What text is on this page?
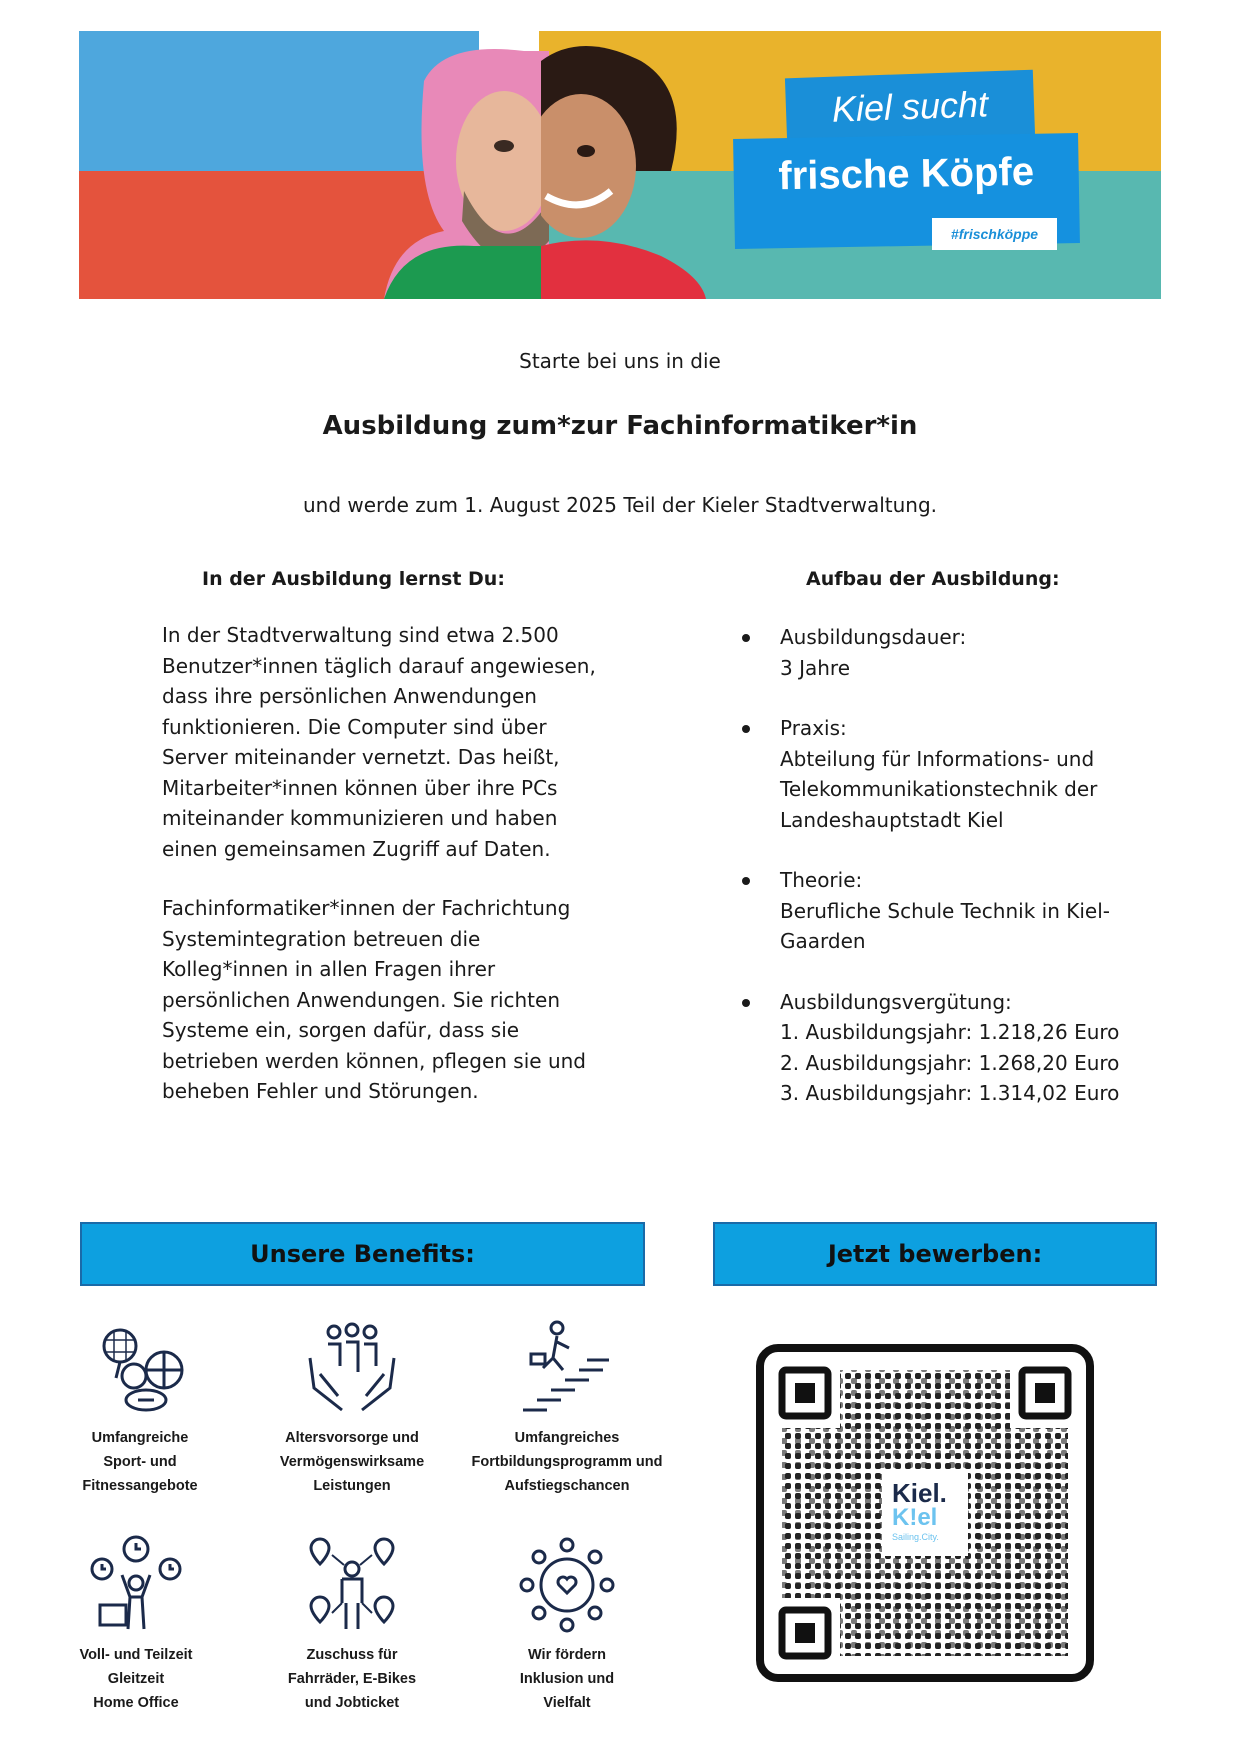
Kiel sucht
frische Köpfe
#frischköppe
Starte bei uns in die
Ausbildung zum*zur Fachinformatiker*in
und werde zum 1. August 2025 Teil der Kieler Stadtverwaltung.
In der Ausbildung lernst Du:
In der Stadtverwaltung sind etwa 2.500
Benutzer*innen täglich darauf angewiesen,
dass ihre persönlichen Anwendungen
funktionieren. Die Computer sind über
Server miteinander vernetzt. Das heißt,
Mitarbeiter*innen können über ihre PCs
miteinander kommunizieren und haben
einen gemeinsamen Zugriff auf Daten.
Fachinformatiker*innen der Fachrichtung
Systemintegration betreuen die
Kolleg*innen in allen Fragen ihrer
persönlichen Anwendungen. Sie richten
Systeme ein, sorgen dafür, dass sie
betrieben werden können, pflegen sie und
beheben Fehler und Störungen.
Aufbau der Ausbildung:
Ausbildungsdauer:
3 Jahre
Praxis:
Abteilung für Informations- und
Telekommunikationstechnik der
Landeshauptstadt Kiel
Theorie:
Berufliche Schule Technik in Kiel-
Gaarden
Ausbildungsvergütung:
1. Ausbildungsjahr: 1.218,26 Euro
2. Ausbildungsjahr: 1.268,20 Euro
3. Ausbildungsjahr: 1.314,02 Euro
Unsere Benefits:	Jetzt bewerben:
Umfangreiche
Sport- und
Fitnessangebote
Altersvorsorge und
Vermögenswirksame
Leistungen
Umfangreiches
Fortbildungsprogramm und
Aufstiegschancen
Voll- und Teilzeit
Gleitzeit
Home Office
Zuschuss für
Fahrräder, E-Bikes
und Jobticket
Wir fördern
Inklusion und
Vielfalt
Kiel.
K!el
Sailing.City.
